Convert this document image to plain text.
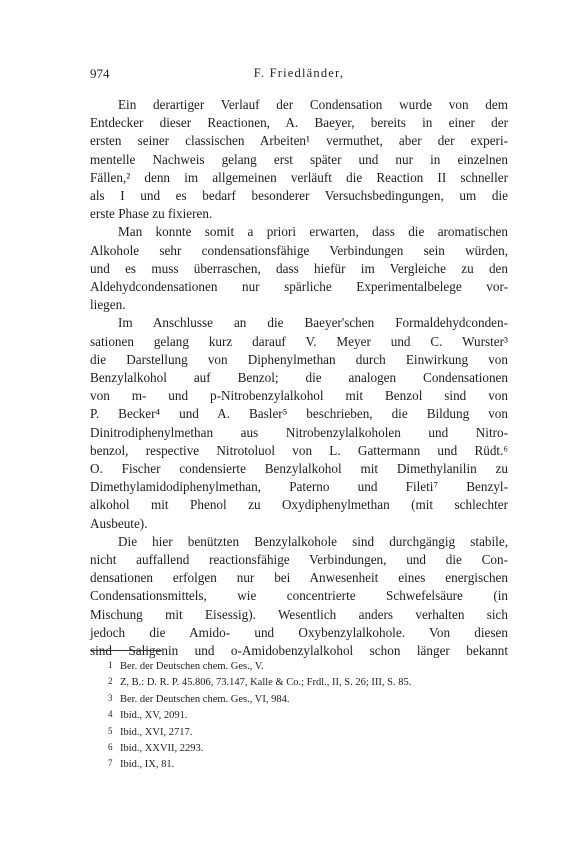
974	F. Friedländer,

Ein derartiger Verlauf der Condensation wurde von dem
Entdecker dieser Reactionen, A. Baeyer, bereits in einer der
ersten seiner classischen Arbeiten¹ vermuthet, aber der experi-
mentelle Nachweis gelang erst später und nur in einzelnen
Fällen,² denn im allgemeinen verläuft die Reaction II schneller
als I und es bedarf besonderer Versuchsbedingungen, um die
erste Phase zu fixieren.

Man konnte somit a priori erwarten, dass die aromatischen
Alkohole sehr condensationsfähige Verbindungen sein würden,
und es muss überraschen, dass hiefür im Vergleiche zu den
Aldehydcondensationen nur spärliche Experimentalbelege vor-
liegen.

Im Anschlusse an die Baeyer'schen Formaldehydconden-
sationen gelang kurz darauf V. Meyer und C. Wurster³
die Darstellung von Diphenylmethan durch Einwirkung von
Benzylalkohol auf Benzol; die analogen Condensationen
von m- und p-Nitrobenzylalkohol mit Benzol sind von
P. Becker⁴ und A. Basler⁵ beschrieben, die Bildung von
Dinitrodiphenylmethan aus Nitrobenzylalkoholen und Nitro-
benzol, respective Nitrotoluol von L. Gattermann und Rüdt.⁶
O. Fischer condensierte Benzylalkohol mit Dimethylanilin zu
Dimethylamidodiphenylmethan, Paterno und Fileti⁷ Benzyl-
alkohol mit Phenol zu Oxydiphenylmethan (mit schlechter
Ausbeute).

Die hier benützten Benzylalkohole sind durchgängig stabile,
nicht auffallend reactionsfähige Verbindungen, und die Con-
densationen erfolgen nur bei Anwesenheit eines energischen
Condensationsmittels, wie concentrierte Schwefelsäure (in
Mischung mit Eisessig). Wesentlich anders verhalten sich
jedoch die Amido- und Oxybenzylalkohole. Von diesen
sind Saligenin und o-Amidobenzylalkohol schon länger bekannt

1 Ber. der Deutschen chem. Ges., V.
2 Z, B.: D. R. P. 45.806, 73.147, Kalle & Co.; Frdl., II, S. 26; III, S. 85.
3 Ber. der Deutschen chem. Ges., VI, 984.
4 Ibid., XV, 2091.
5 Ibid., XVI, 2717.
6 Ibid., XXVII, 2293.
7 Ibid., IX, 81.
